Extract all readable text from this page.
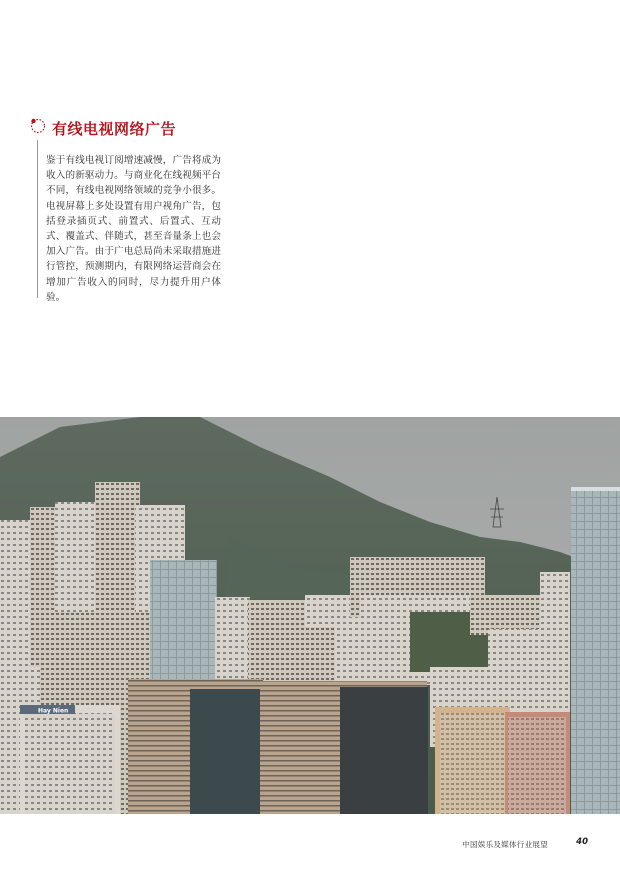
有线电视网络广告
鉴于有线电视订阅增速减慢，广告将成为收入的新驱动力。与商业化在线视频平台不同，有线电视网络领域的竞争小很多。电视屏幕上多处设置有用户视角广告，包括登录插页式、前置式、后置式、互动式、覆盖式、伴随式，甚至音量条上也会加入广告。由于广电总局尚未采取措施进行管控，预测期内，有限网络运营商会在增加广告收入的同时，尽力提升用户体验。
Hay Nien
中国娱乐及媒体行业展望	40
